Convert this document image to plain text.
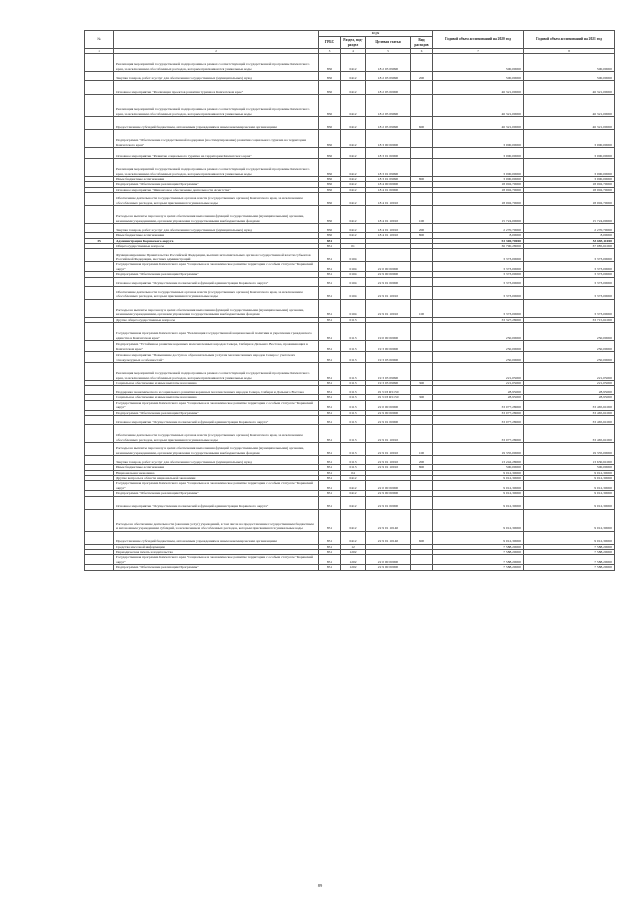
№		коды				Годовой объем ассигнований на 2020 год	Годовой объем ассигнований на 2021 год
		ГРБС	Раздел, под-раздел	Целевая статья	Вид расходов		
1	2	3	4	5	6	7	8
	Реализация мероприятий государственной подпрограммы в рамках соответствующей государственной программы Камчатского края, за исключением обособленных расходов, которым присваиваются уникальные коды	850	0412	18 2 03 09990		500,00000	500,00000
	Закупка товаров, работ и услуг для обеспечения государственных (муниципальных) нужд	850	0412	18 2 03 09990	200	500,00000	500,00000
	Основное мероприятие "Реализация проектов развития туризма в Камчатском крае"	850	0412	18 2 05 00000		46 321,00000	46 321,00000
	Реализация мероприятий государственной подпрограммы в рамках соответствующей государственной программы Камчатского края, за исключением обособленных расходов, которым присваиваются уникальные коды	850	0412	18 2 05 09990		46 321,00000	46 321,00000
	Предоставление субсидий бюджетным, автономным учреждениям и иным некоммерческим организациям	850	0412	18 2 05 09990	600	46 321,00000	46 321,00000
	Подпрограмма "Обеспечение государственной поддержки (на стимулирование) развития социального туризма на территории Камчатского края"	850	0412	18 3 00 00000		3 000,00000	3 000,00000
	Основное мероприятие "Развитие социального туризма на территории Камчатского края"	850	0412	18 3 01 00000		3 000,00000	3 000,00000
	Реализация мероприятий государственной подпрограммы в рамках соответствующей государственной программы Камчатского края, за исключением обособленных расходов, которым присваиваются уникальные коды	850	0412	18 3 01 09990		3 000,00000	3 000,00000
	Иные бюджетные ассигнования	850	0412	18 3 01 09990	800	3 000,00000	3 000,00000
	Подпрограмма "Обеспечение реализации Программы"	850	0412	18 4 00 00000		18 002,70000	18 002,70000
	Основное мероприятие "Финансовое обеспечение деятельности Агентства"	850	0412	18 4 01 00000		18 002,70000	18 002,70000
	Обеспечение деятельности государственных органов власти (государственных органов) Камчатского края, за исключением обособленных расходов, которым присваиваются уникальные коды	850	0412	18 4 01 10010		18 002,70000	18 002,70000
	Расходы на выплаты персоналу в целях обеспечения выполнения функций государственными (муниципальными) органами, казенными учреждениями, органами управления государственными внебюджетными фондами	850	0412	18 4 01 10010	100	15 724,00000	15 724,00000
	Закупка товаров, работ и услуг для обеспечения государственных (муниципальных) нужд	850	0412	18 4 01 10010	200	2 270,70000	2 270,70000
	Иные бюджетные ассигнования	850	0412	18 4 01 10010	800	8,00000	8,00000
35	Администрация Корякского округа	851				53 300,70000	53 685,11000
	Общегосударственные вопросы	851	01			36 790,28000	37 085,61000
	Функционирование Правительства Российской Федерации, высших исполнительных органов государственной власти субъектов Российской Федерации, местных администраций	851	0104			3 373,00000	3 373,00000
	Государственная программа Камчатского края "Социальное и экономическое развитие территории с особым статусом "Корякский округ"	851	0104	22 0 00 00000		3 373,00000	3 373,00000
	Подпрограмма "Обеспечение реализации Программы"	851	0104	22 9 00 00000		3 373,00000	3 373,00000
	Основное мероприятие "Осуществление полномочий и функций администрации Корякского округа"	851	0104	22 9 01 00000		3 373,00000	3 373,00000
	Обеспечение деятельности государственных органов власти (государственных органов) Камчатского края, за исключением обособленных расходов, которым присваиваются уникальные коды	851	0104	22 9 01 10010		3 373,00000	3 373,00000
	Расходы на выплаты персоналу в целях обеспечения выполнения функций государственными (муниципальными) органами, казенными учреждениями, органами управления государственными внебюджетными фондами	851	0104	22 9 01 10010	100	3 373,00000	3 373,00000
	Другие общегосударственные вопросы	851	0113			33 327,28000	33 715,61000
	Государственная программа Камчатского края "Реализация государственной национальной политики и укрепление гражданского единства в Камчатском крае"	851	0113	19 0 00 00000		250,00000	250,00000
	Подпрограмма "Устойчивое развитие коренных малочисленных народов Севера, Сибири и Дальнего Востока, проживающих в Камчатском крае"	851	0113	19 3 00 00000		250,00000	250,00000
	Основное мероприятие "Повышение доступа к образовательным услугам малочисленных народов Севера с учетом их этнокультурных особенностей"	851	0113	19 3 03 00000		250,00000	250,00000
	Реализация мероприятий государственной подпрограммы в рамках соответствующей государственной программы Камчатского края, за исключением обособленных расходов, которым присваиваются уникальные коды	851	0113	19 3 03 09990		221,05000	221,05000
	Социальное обеспечение и иные выплаты населению	851	0113	19 3 03 09990	300	221,05000	221,05000
	Поддержка экономического и социального развития коренных малочисленных народов Севера, Сибири и Дальнего Востока	851	0113	19 3 03 R5150		28,95000	28,95000
	Социальное обеспечение и иные выплаты населению	851	0113	19 3 03 R5150	300	28,95000	28,95000
	Государственная программа Камчатского края "Социальное и экономическое развитие территории с особым статусом "Корякский округ"	851	0113	22 0 00 00000		33 077,28000	33 465,61000
	Подпрограмма "Обеспечение реализации Программы"	851	0113	22 9 00 00000		33 077,28000	33 465,61000
	Основное мероприятие "Осуществление полномочий и функций администрации Корякского округа"	851	0113	22 9 01 00000		33 077,28000	33 465,61000
	Обеспечение деятельности государственных органов власти (государственных органов) Камчатского края, за исключением обособленных расходов, которым присваиваются уникальные коды	851	0113	22 9 01 10010		33 077,28000	33 465,61000
	Расходы на выплаты персоналу в целях обеспечения выполнения функций государственными (муниципальными) органами, казенными учреждениями, органами управления государственными внебюджетными фондами	851	0113	22 9 01 10010	100	19 335,00000	19 335,00000
	Закупка товаров, работ и услуг для обеспечения государственных (муниципальных) нужд	851	0113	22 9 01 10010	200	13 242,28000	13 630,61000
	Иные бюджетные ассигнования	851	0113	22 9 01 10010	800	500,00000	500,00000
	Национальная экономика	851	04			9 012,30000	9 012,30000
	Другие вопросы в области национальной экономики	851	0412			9 012,30000	9 012,30000
	Государственная программа Камчатского края "Социальное и экономическое развитие территории с особым статусом "Корякский округ"	851	0412	22 0 00 00000		9 012,30000	9 012,30000
	Подпрограмма "Обеспечение реализации Программы"	851	0412	22 9 00 00000		9 012,30000	9 012,30000
	Основное мероприятие "Осуществление полномочий и функций администрации Корякского округа"	851	0412	22 9 01 00000		9 012,30000	9 012,30000
	Расходы на обеспечение деятельности (оказание услуг) учреждений, в том числе на предоставление государственным бюджетным и автономным учреждениям субсидий, за исключением обособленных расходов, которым присваиваются уникальные коды	851	0412	22 9 01 10140		9 012,30000	9 012,30000
	Предоставление субсидий бюджетным, автономным учреждениям и иным некоммерческим организациям	851	0412	22 9 01 10140	600	9 012,30000	9 012,30000
	Средства массовой информации	851	12			7 588,20000	7 588,20000
	Периодическая печать и издательства	851	1202			7 588,20000	7 588,20000
	Государственная программа Камчатского края "Социальное и экономическое развитие территории с особым статусом "Корякский округ"	851	1202	22 0 00 00000		7 588,20000	7 588,20000
	Подпрограмма "Обеспечение реализации Программы"	851	1202	22 9 00 00000		7 588,20000	7 588,20000
89
